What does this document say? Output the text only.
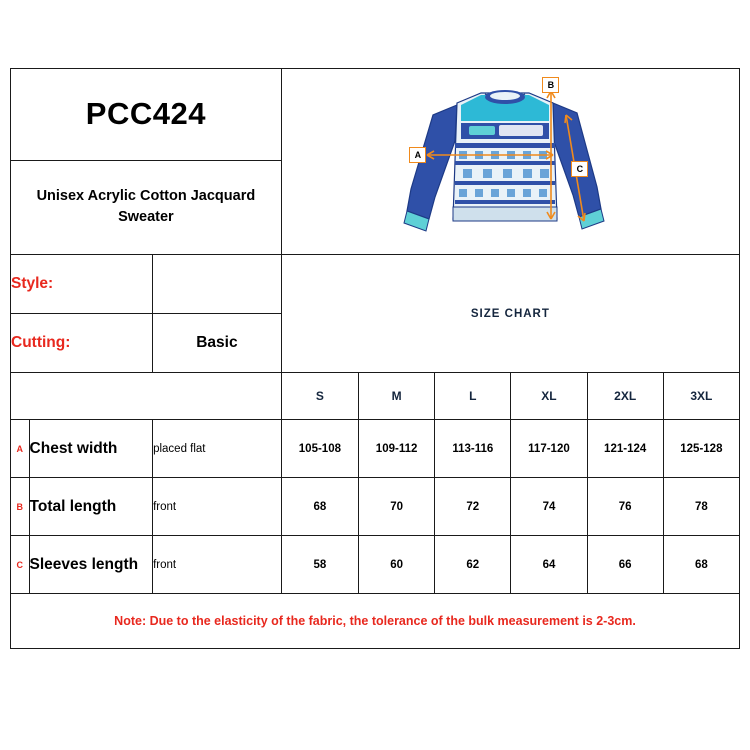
PCC424			A
B
C					

Unisex Acrylic Cotton Jacquard Sweater								
Style:			SIZE CHART					
Cutting:		Basic						
			S	M	L	XL	2XL	3XL
A	Chest width	placed flat	105-108	109-112	113-116	117-120	121-124	125-128
B	Total length	front	68	70	72	74	76	78
C	Sleeves length	front	58	60	62	64	66	68
Note: Due to the elasticity of the fabric, the tolerance of the bulk measurement is 2-3cm.								
